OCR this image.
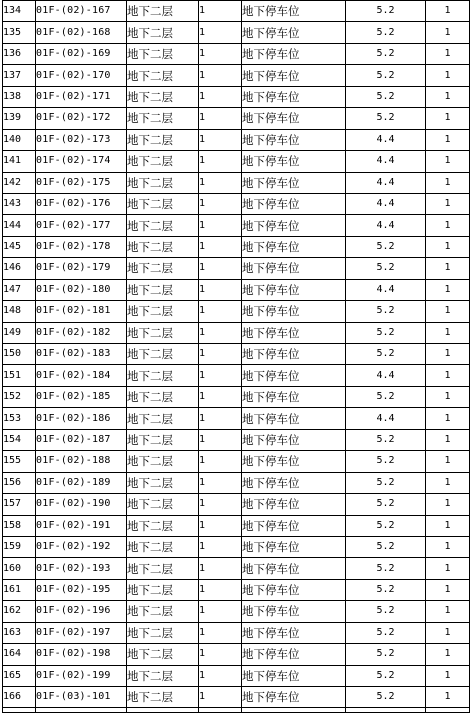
134	01F-(02)-167	地下二层	1	地下停车位	5.2	1
135	01F-(02)-168	地下二层	1	地下停车位	5.2	1
136	01F-(02)-169	地下二层	1	地下停车位	5.2	1
137	01F-(02)-170	地下二层	1	地下停车位	5.2	1
138	01F-(02)-171	地下二层	1	地下停车位	5.2	1
139	01F-(02)-172	地下二层	1	地下停车位	5.2	1
140	01F-(02)-173	地下二层	1	地下停车位	4.4	1
141	01F-(02)-174	地下二层	1	地下停车位	4.4	1
142	01F-(02)-175	地下二层	1	地下停车位	4.4	1
143	01F-(02)-176	地下二层	1	地下停车位	4.4	1
144	01F-(02)-177	地下二层	1	地下停车位	4.4	1
145	01F-(02)-178	地下二层	1	地下停车位	5.2	1
146	01F-(02)-179	地下二层	1	地下停车位	5.2	1
147	01F-(02)-180	地下二层	1	地下停车位	4.4	1
148	01F-(02)-181	地下二层	1	地下停车位	5.2	1
149	01F-(02)-182	地下二层	1	地下停车位	5.2	1
150	01F-(02)-183	地下二层	1	地下停车位	5.2	1
151	01F-(02)-184	地下二层	1	地下停车位	4.4	1
152	01F-(02)-185	地下二层	1	地下停车位	5.2	1
153	01F-(02)-186	地下二层	1	地下停车位	4.4	1
154	01F-(02)-187	地下二层	1	地下停车位	5.2	1
155	01F-(02)-188	地下二层	1	地下停车位	5.2	1
156	01F-(02)-189	地下二层	1	地下停车位	5.2	1
157	01F-(02)-190	地下二层	1	地下停车位	5.2	1
158	01F-(02)-191	地下二层	1	地下停车位	5.2	1
159	01F-(02)-192	地下二层	1	地下停车位	5.2	1
160	01F-(02)-193	地下二层	1	地下停车位	5.2	1
161	01F-(02)-195	地下二层	1	地下停车位	5.2	1
162	01F-(02)-196	地下二层	1	地下停车位	5.2	1
163	01F-(02)-197	地下二层	1	地下停车位	5.2	1
164	01F-(02)-198	地下二层	1	地下停车位	5.2	1
165	01F-(02)-199	地下二层	1	地下停车位	5.2	1
166	01F-(03)-101	地下二层	1	地下停车位	5.2	1
